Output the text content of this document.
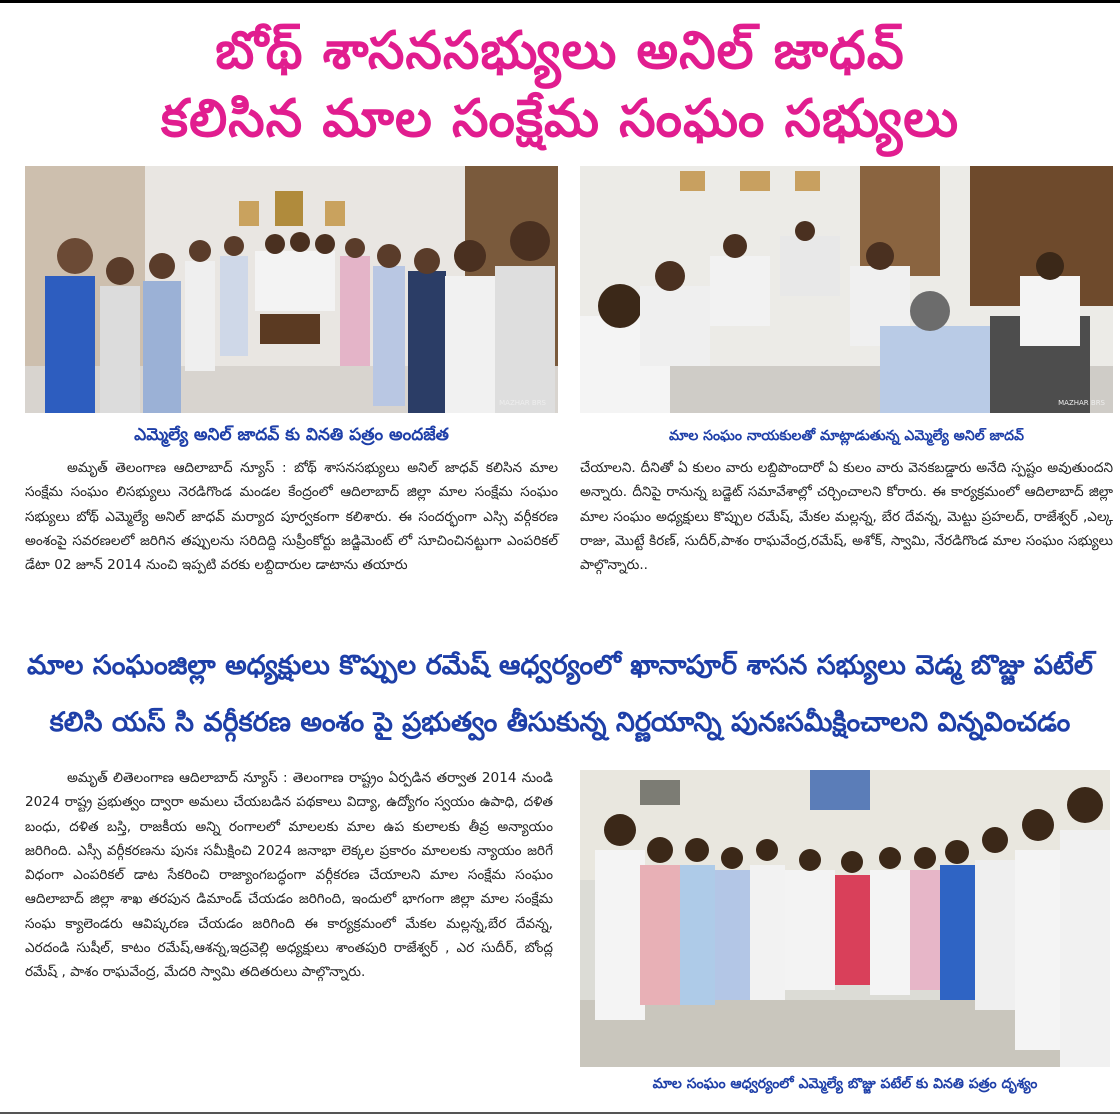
బోథ్ శాసనసభ్యులు అనిల్ జాధవ్
కలిసిన మాల సంక్షేమ సంఘం సభ్యులు
MAZHAR BRS	MAZHAR BRS
ఎమ్మెల్యే అనిల్ జాదవ్ కు వినతి పత్రం అందజేత	మాల సంఘం నాయకులతో మాట్లాడుతున్న ఎమ్మెల్యే అనిల్ జాదవ్

అమృత్ తెలంగాణ ఆదిలాబాద్ న్యూస్ : బోథ్ శాసనసభ్యులు అనిల్ జాధవ్ కలిసిన మాల సంక్షేమ సంఘం లిసభ్యులు నెరడిగొండ మండల కేంద్రంలో ఆదిలాబాద్ జిల్లా మాల సంక్షేమ సంఘం సభ్యులు బోథ్ ఎమ్మెల్యే అనిల్ జాధవ్ మర్యాద పూర్వకంగా కలిశారు. ఈ సందర్భంగా ఎస్సి వర్గీకరణ అంశంపై సవరణలలో జరిగిన తప్పులను సరిదిద్ది సుప్రీంకోర్టు జడ్జిమెంట్ లో సూచించినట్టుగా ఎంపరికల్ డేటా 02 జూన్ 2014 నుంచి ఇప్పటి వరకు లబ్దిదారుల డాటాను తయారు

చేయాలని. దీనితో ఏ కులం వారు లబ్దిపొందారో ఏ కులం వారు వెనకబడ్డారు అనేది స్పష్టం అవుతుందని అన్నారు. దీనిపై రానున్న బడ్జెట్ సమావేశాల్లో చర్చించాలని కోరారు. ఈ కార్యక్రమంలో ఆదిలాబాద్ జిల్లా మాల సంఘం అధ్యక్షులు కొప్పుల రమేష్, మేకల మల్లన్న, బేర దేవన్న, మెట్టు ప్రహలద్, రాజేశ్వర్ ,ఎల్క రాజు, మొట్టే కిరణ్, సుదీర్,పాశం రాఘవేంద్ర,రమేష్, అశోక్, స్వామి, నేరడిగొండ మాల సంఘం సభ్యులు పాల్గొన్నారు..

మాల సంఘంజిల్లా అధ్యక్షులు కొప్పుల రమేష్ ఆధ్వర్యంలో ఖానాపూర్ శాసన సభ్యులు వెడ్మ బొజ్జు పటేల్
కలిసి యస్ సి వర్గీకరణ అంశం పై ప్రభుత్వం తీసుకున్న నిర్ణయాన్ని పునఃసమీక్షించాలని విన్నవించడం

అమృత్ లితెలంగాణ ఆదిలాబాద్ న్యూస్ : తెలంగాణ రాష్ట్రం ఏర్పడిన తర్వాత 2014 నుండి 2024 రాష్ట్ర ప్రభుత్వం ద్వారా అమలు చేయబడిన పథకాలు విద్యా, ఉద్యోగం స్వయం ఉపాధి, దళిత బంధు, దళిత బస్తి, రాజకీయ అన్ని రంగాలలో మాలలకు మాల ఉప కులాలకు తీవ్ర అన్యాయం జరిగింది. ఎస్సీ వర్గీకరణను పునః సమీక్షించి 2024 జనాభా లెక్కల ప్రకారం మాలలకు న్యాయం జరిగే విధంగా ఎంపరికల్ డాట సేకరించి రాజ్యాంగబద్ధంగా వర్గీకరణ చేయాలని మాల సంక్షేమ సంఘం ఆదిలాబాద్ జిల్లా శాఖ తరపున డిమాండ్ చేయడం జరిగింది, ఇందులో భాగంగా జిల్లా మాల సంక్షేమ సంఘ క్యాలెండరు ఆవిష్కరణ చేయడం జరిగింది ఈ కార్యక్రమంలో మేకల మల్లన్న,బేర దేవన్న, ఎరదండి సుషీల్, కాటం రమేష్,ఆశన్న,ఇద్రవెల్లి అధ్యక్షులు శాంతపురి రాజేశ్వర్ , ఎర సుదీర్, బోంద్ల రమేష్ , పాశం రాఘవేంద్ర, మేదరి స్వామి తదితరులు పాల్గొన్నారు.

మాల సంఘం ఆధ్వర్యంలో ఎమ్మెల్యే బొజ్జు పటేల్ కు వినతి పత్రం దృశ్యం
